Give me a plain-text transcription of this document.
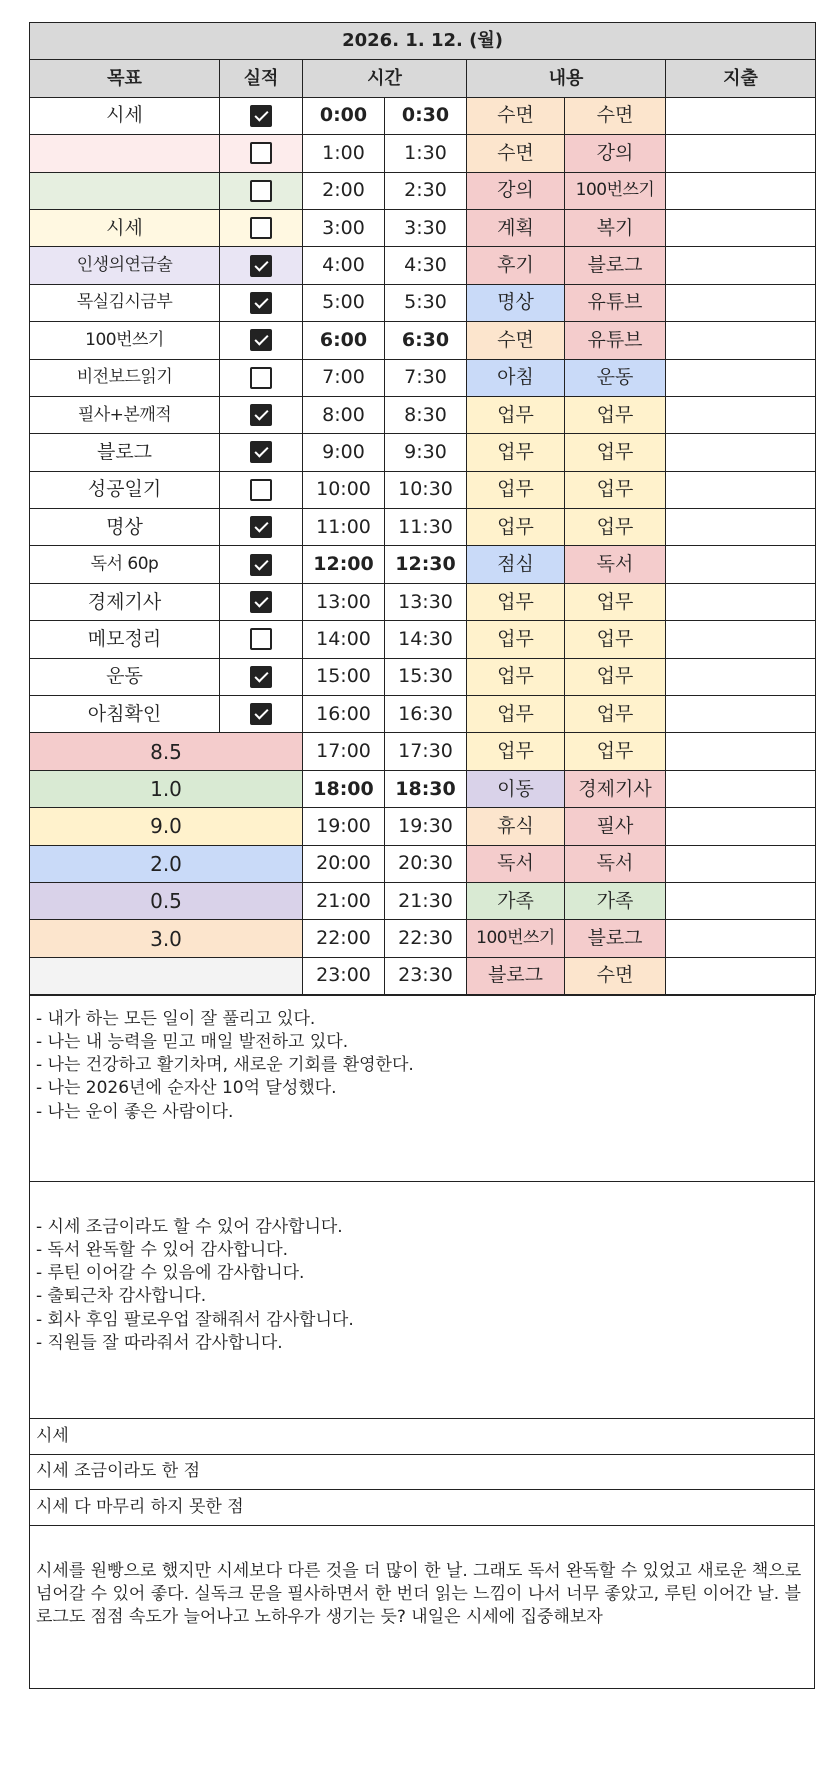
2026. 1. 12. (월)						
목표	실적	시간		내용		지출
시세		0:00	0:30	수면	수면	
		1:00	1:30	수면	강의	
		2:00	2:30	강의	100번쓰기	
시세		3:00	3:30	계획	복기	
인생의연금술		4:00	4:30	후기	블로그	
목실김시금부		5:00	5:30	명상	유튜브	
100번쓰기		6:00	6:30	수면	유튜브	
비전보드읽기		7:00	7:30	아침	운동	
필사+본깨적		8:00	8:30	업무	업무	
블로그		9:00	9:30	업무	업무	
성공일기		10:00	10:30	업무	업무	
명상		11:00	11:30	업무	업무	
독서 60p		12:00	12:30	점심	독서	
경제기사		13:00	13:30	업무	업무	
메모정리		14:00	14:30	업무	업무	
운동		15:00	15:30	업무	업무	
아침확인		16:00	16:30	업무	업무	
8.5		17:00	17:30	업무	업무	
1.0		18:00	18:30	이동	경제기사	
9.0		19:00	19:30	휴식	필사	
2.0		20:00	20:30	독서	독서	
0.5		21:00	21:30	가족	가족	
3.0		22:00	22:30	100번쓰기	블로그	
		23:00	23:30	블로그	수면	
- 내가 하는 모든 일이 잘 풀리고 있다.
- 나는 내 능력을 믿고 매일 발전하고 있다.
- 나는 건강하고 활기차며, 새로운 기회를 환영한다.
- 나는 2026년에 순자산 10억 달성했다.
- 나는 운이 좋은 사람이다.

- 시세 조금이라도 할 수 있어 감사합니다.
- 독서 완독할 수 있어 감사합니다.
- 루틴 이어갈 수 있음에 감사합니다.
- 출퇴근차 감사합니다.
- 회사 후임 팔로우업 잘해줘서 감사합니다.
- 직원들 잘 따라줘서 감사합니다.

시세
시세 조금이라도 한 점
시세 다 마무리 하지 못한 점
시세를 원빵으로 했지만 시세보다 다른 것을 더 많이 한 날. 그래도 독서 완독할 수 있었고 새로운 책으로 넘어갈 수 있어 좋다. 실독크 문을 필사하면서 한 번더 읽는 느낌이 나서 너무 좋았고, 루틴 이어간 날. 블로그도 점점 속도가 늘어나고 노하우가 생기는 듯? 내일은 시세에 집중해보자
